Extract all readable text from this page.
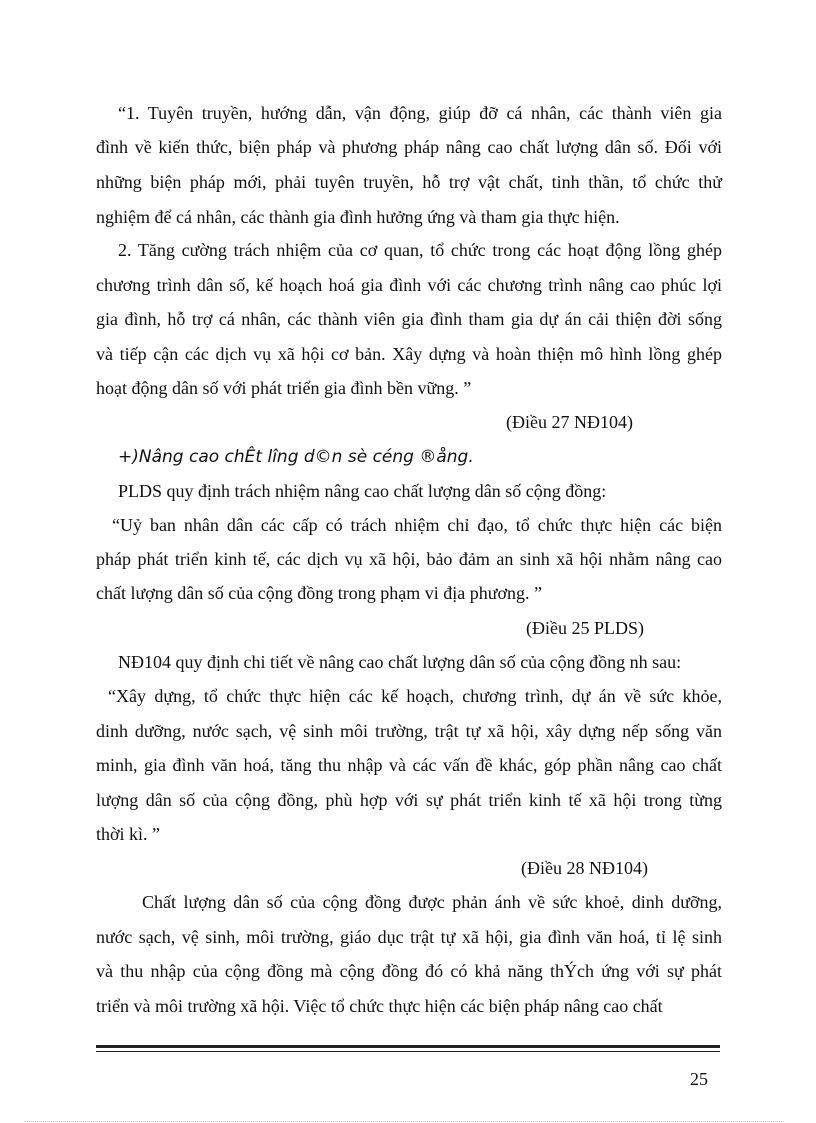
“1. Tuyên truyền, hướng dẫn, vận động, giúp đỡ cá nhân, các thành viên gia
đình về kiến thức, biện pháp và phương pháp nâng cao chất lượng dân số. Đối với
những biện pháp mới, phải tuyên truyền, hỗ trợ vật chất, tinh thần, tổ chức thử
nghiệm để cá nhân, các thành gia đình hưởng ứng và tham gia thực hiện.
2. Tăng cường trách nhiệm của cơ quan, tổ chức trong các hoạt động lồng ghép
chương trình dân số, kế hoạch hoá gia đình với các chương trình nâng cao phúc lợi
gia đình, hỗ trợ cá nhân, các thành viên gia đình tham gia dự án cải thiện đời sống
và tiếp cận các dịch vụ xã hội cơ bản. Xây dựng và hoàn thiện mô hình lồng ghép
hoạt động dân số với phát triển gia đình bền vững. ”
(Điều 27 NĐ104)
+)Nâng cao chÊt lîng d©n sè céng ®ång.
PLDS quy định trách nhiệm nâng cao chất lượng dân số cộng đồng:
“Uỷ ban nhân dân các cấp có trách nhiệm chỉ đạo, tổ chức thực hiện các biện
pháp phát triển kinh tế, các dịch vụ xã hội, bảo đảm an sinh xã hội nhằm nâng cao
chất lượng dân số của cộng đồng trong phạm vi địa phương. ”
(Điều 25 PLDS)
NĐ104 quy định chi tiết về nâng cao chất lượng dân số của cộng đồng nh sau:
“Xây dựng, tổ chức thực hiện các kế hoạch, chương trình, dự án về sức khỏe,
dinh dưỡng, nước sạch, vệ sinh môi trường, trật tự xã hội, xây dựng nếp sống văn
minh, gia đình văn hoá, tăng thu nhập và các vấn đề khác, góp phần nâng cao chất
lượng dân số của cộng đồng, phù hợp với sự phát triển kinh tế xã hội trong từng
thời kì. ”
(Điều 28 NĐ104)
Chất lượng dân số của cộng đồng được phản ánh về sức khoẻ, dinh dưỡng,
nước sạch, vệ sinh, môi trường, giáo dục trật tự xã hội, gia đình văn hoá, tỉ lệ sinh
và thu nhập của cộng đồng mà cộng đồng đó có khả năng thÝch ứng với sự phát
triển và môi trường xã hội. Việc tổ chức thực hiện các biện pháp nâng cao chất
25
